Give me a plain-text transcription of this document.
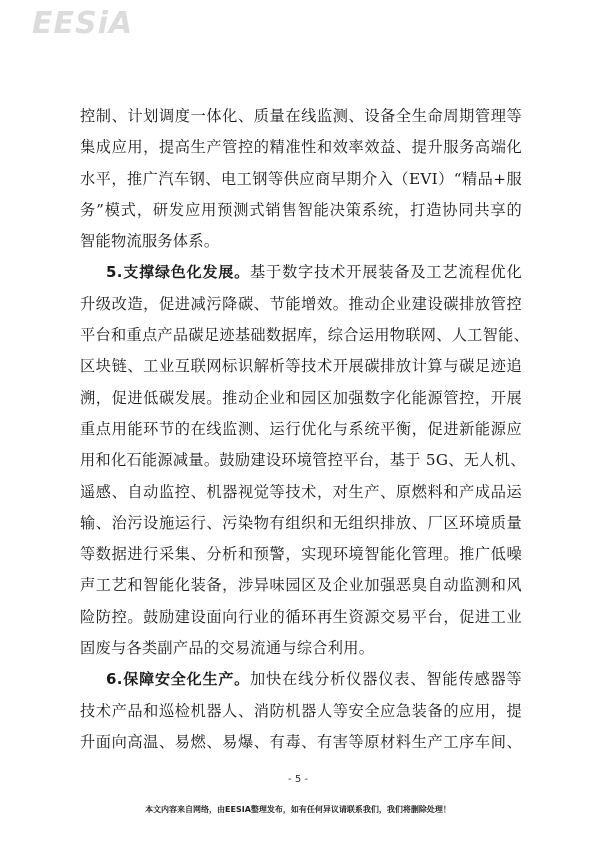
EESiA
控制、计划调度一体化、质量在线监测、设备全生命周期管理等
集成应用，提高生产管控的精准性和效率效益、提升服务高端化
水平，推广汽车钢、电工钢等供应商早期介入（EVI）“精品+服
务”模式，研发应用预测式销售智能决策系统，打造协同共享的
智能物流服务体系。
5.支撑绿色化发展。基于数字技术开展装备及工艺流程优化
升级改造，促进减污降碳、节能增效。推动企业建设碳排放管控
平台和重点产品碳足迹基础数据库，综合运用物联网、人工智能、
区块链、工业互联网标识解析等技术开展碳排放计算与碳足迹追
溯，促进低碳发展。推动企业和园区加强数字化能源管控，开展
重点用能环节的在线监测、运行优化与系统平衡，促进新能源应
用和化石能源减量。鼓励建设环境管控平台，基于 5G、无人机、
遥感、自动监控、机器视觉等技术，对生产、原燃料和产成品运
输、治污设施运行、污染物有组织和无组织排放、厂区环境质量
等数据进行采集、分析和预警，实现环境智能化管理。推广低噪
声工艺和智能化装备，涉异味园区及企业加强恶臭自动监测和风
险防控。鼓励建设面向行业的循环再生资源交易平台，促进工业
固废与各类副产品的交易流通与综合利用。
6.保障安全化生产。加快在线分析仪器仪表、智能传感器等
技术产品和巡检机器人、消防机器人等安全应急装备的应用，提
升面向高温、易燃、易爆、有毒、有害等原材料生产工序车间、
- 5 -
本文内容来自网络，由EESIA整理发布，如有任何异议请联系我们，我们将删除处理！
